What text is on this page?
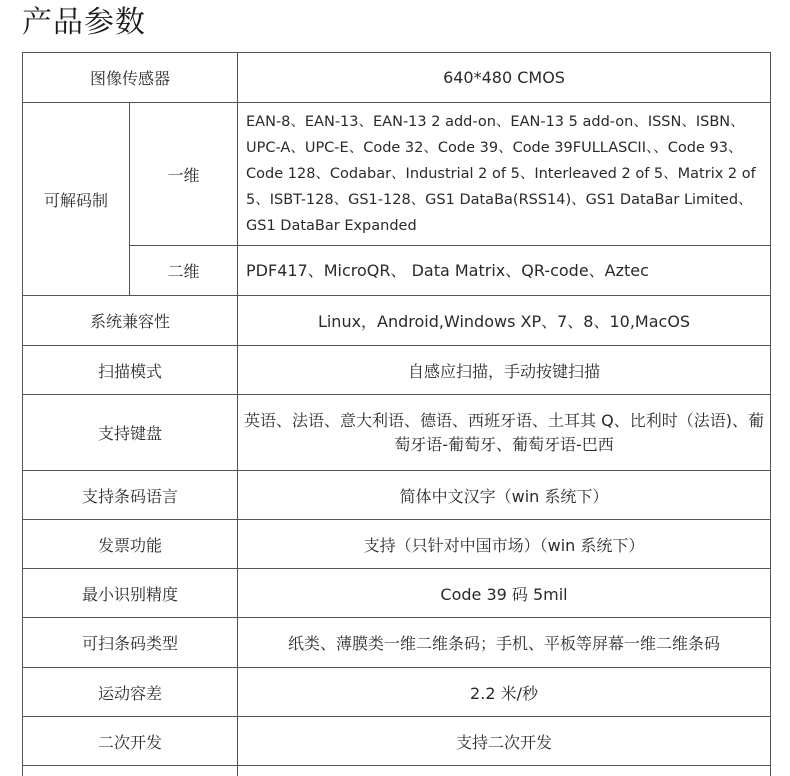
产品参数
图像传感器		640*480 CMOS
可解码制	一维	EAN-8、EAN-13、EAN-13 2 add-on、EAN-13 5 add-on、ISSN、ISBN、UPC-A、UPC-E、Code 32、Code 39、Code 39FULLASCII、、Code 93、Code 128、Codabar、Industrial 2 of 5、Interleaved 2 of 5、Matrix 2 of 5、ISBT-128、GS1-128、GS1 DataBa(RSS14)、GS1 DataBar Limited、GS1 DataBar Expanded
	二维	PDF417、MicroQR、 Data Matrix、QR-code、Aztec
系统兼容性		Linux，Android,Windows XP、7、8、10,MacOS
扫描模式		自感应扫描，手动按键扫描
支持键盘		英语、法语、意大利语、德语、西班牙语、土耳其 Q、比利时（法语)、葡萄牙语-葡萄牙、葡萄牙语-巴西
支持条码语言		简体中文汉字（win 系统下）
发票功能		支持（只针对中国市场）（win 系统下）
最小识别精度		Code 39 码 5mil
可扫条码类型		纸类、薄膜类一维二维条码；手机、平板等屏幕一维二维条码
运动容差		2.2 米/秒
二次开发		支持二次开发
